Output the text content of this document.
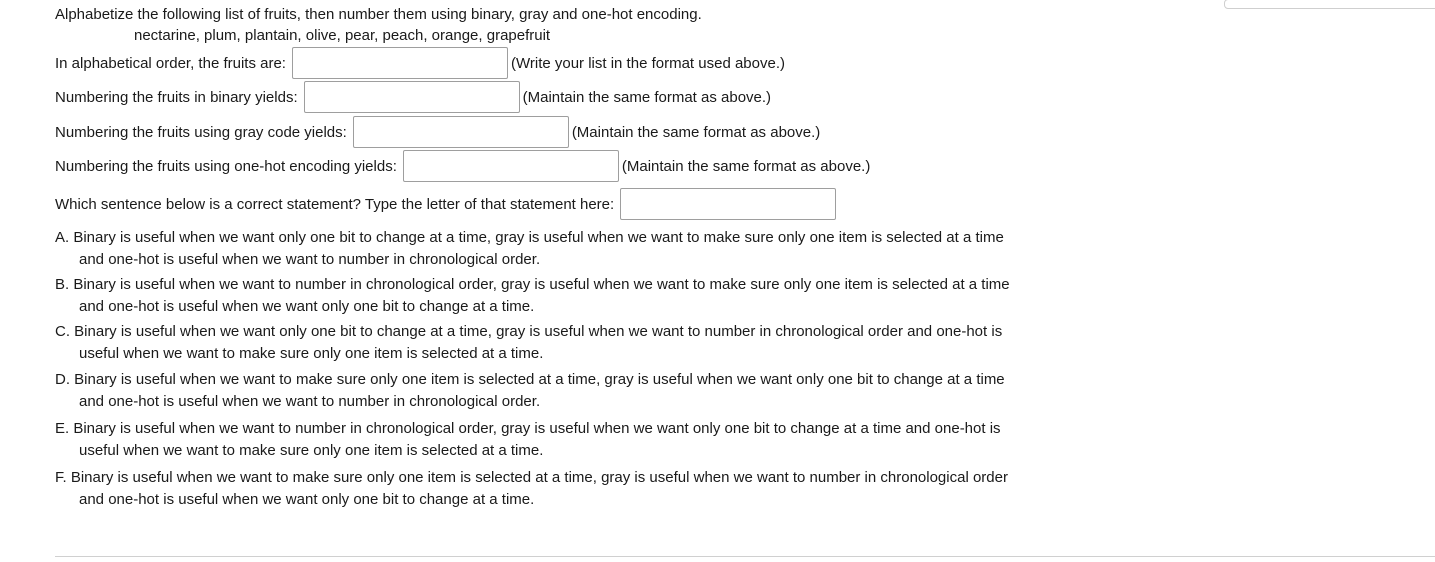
Alphabetize the following list of fruits, then number them using binary, gray and one-hot encoding.
nectarine, plum, plantain, olive, pear, peach, orange, grapefruit
In alphabetical order, the fruits are:	(Write your list in the format used above.)
Numbering the fruits in binary yields:	(Maintain the same format as above.)
Numbering the fruits using gray code yields:	(Maintain the same format as above.)
Numbering the fruits using one-hot encoding yields:	(Maintain the same format as above.)
Which sentence below is a correct statement? Type the letter of that statement here:
A. Binary is useful when we want only one bit to change at a time, gray is useful when we want to make sure only one item is selected at a time
and one-hot is useful when we want to number in chronological order.
B. Binary is useful when we want to number in chronological order, gray is useful when we want to make sure only one item is selected at a time
and one-hot is useful when we want only one bit to change at a time.
C. Binary is useful when we want only one bit to change at a time, gray is useful when we want to number in chronological order and one-hot is
useful when we want to make sure only one item is selected at a time.
D. Binary is useful when we want to make sure only one item is selected at a time, gray is useful when we want only one bit to change at a time
and one-hot is useful when we want to number in chronological order.
E. Binary is useful when we want to number in chronological order, gray is useful when we want only one bit to change at a time and one-hot is
useful when we want to make sure only one item is selected at a time.
F. Binary is useful when we want to make sure only one item is selected at a time, gray is useful when we want to number in chronological order
and one-hot is useful when we want only one bit to change at a time.
